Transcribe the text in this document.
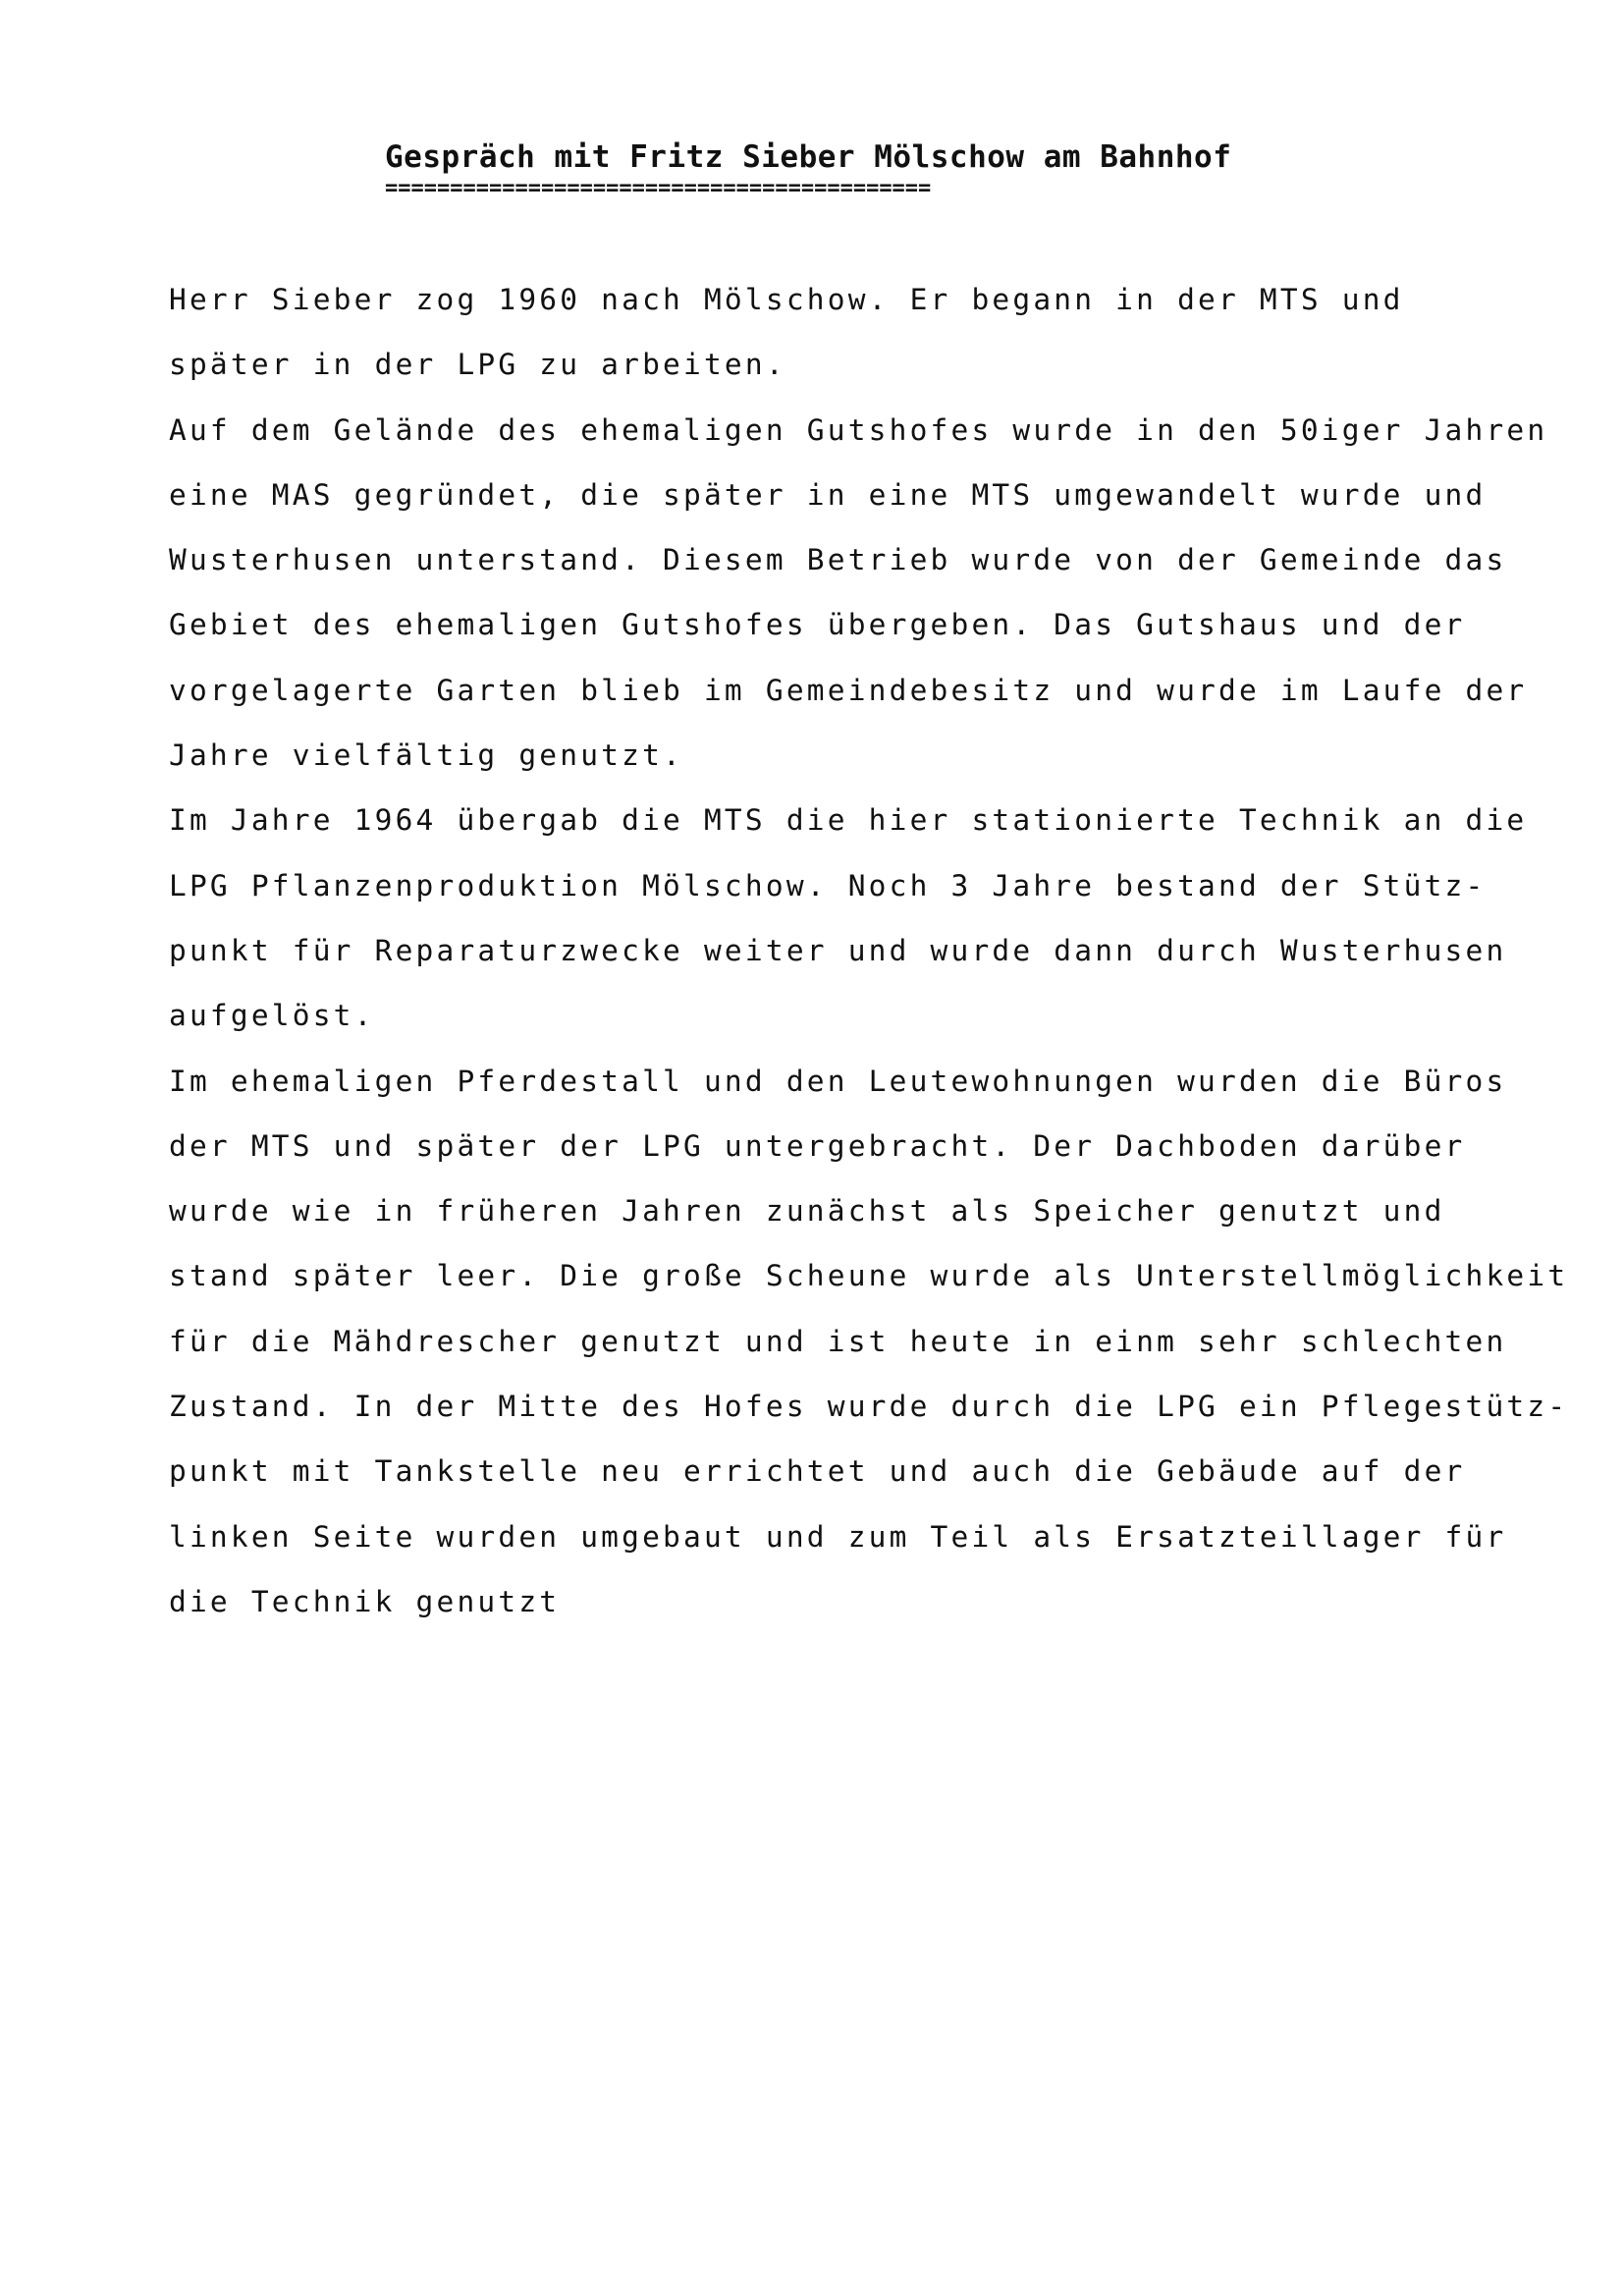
Gespräch mit Fritz Sieber Mölschow am Bahnhof
==========================================
Herr Sieber zog 1960 nach Mölschow. Er begann in der MTS und
später in der LPG zu arbeiten.
Auf dem Gelände des ehemaligen Gutshofes wurde in den 50iger Jahren
eine MAS gegründet, die später in eine MTS umgewandelt wurde und
Wusterhusen unterstand. Diesem Betrieb wurde von der Gemeinde das
Gebiet des ehemaligen Gutshofes übergeben. Das Gutshaus und der
vorgelagerte Garten blieb im Gemeindebesitz und wurde im Laufe der
Jahre vielfältig genutzt.
Im Jahre 1964 übergab die MTS die hier stationierte Technik an die
LPG Pflanzenproduktion Mölschow. Noch 3 Jahre bestand der Stütz-
punkt für Reparaturzwecke weiter und wurde dann durch Wusterhusen
aufgelöst.
Im ehemaligen Pferdestall und den Leutewohnungen wurden die Büros
der MTS und später der LPG untergebracht. Der Dachboden darüber
wurde wie in früheren Jahren zunächst als Speicher genutzt und
stand später leer. Die große Scheune wurde als Unterstellmöglichkeit
für die Mähdrescher genutzt und ist heute in einm sehr schlechten
Zustand. In der Mitte des Hofes wurde durch die LPG ein Pflegestütz-
punkt mit Tankstelle neu errichtet und auch die Gebäude auf der
linken Seite wurden umgebaut und zum Teil als Ersatzteillager für
die Technik genutzt
